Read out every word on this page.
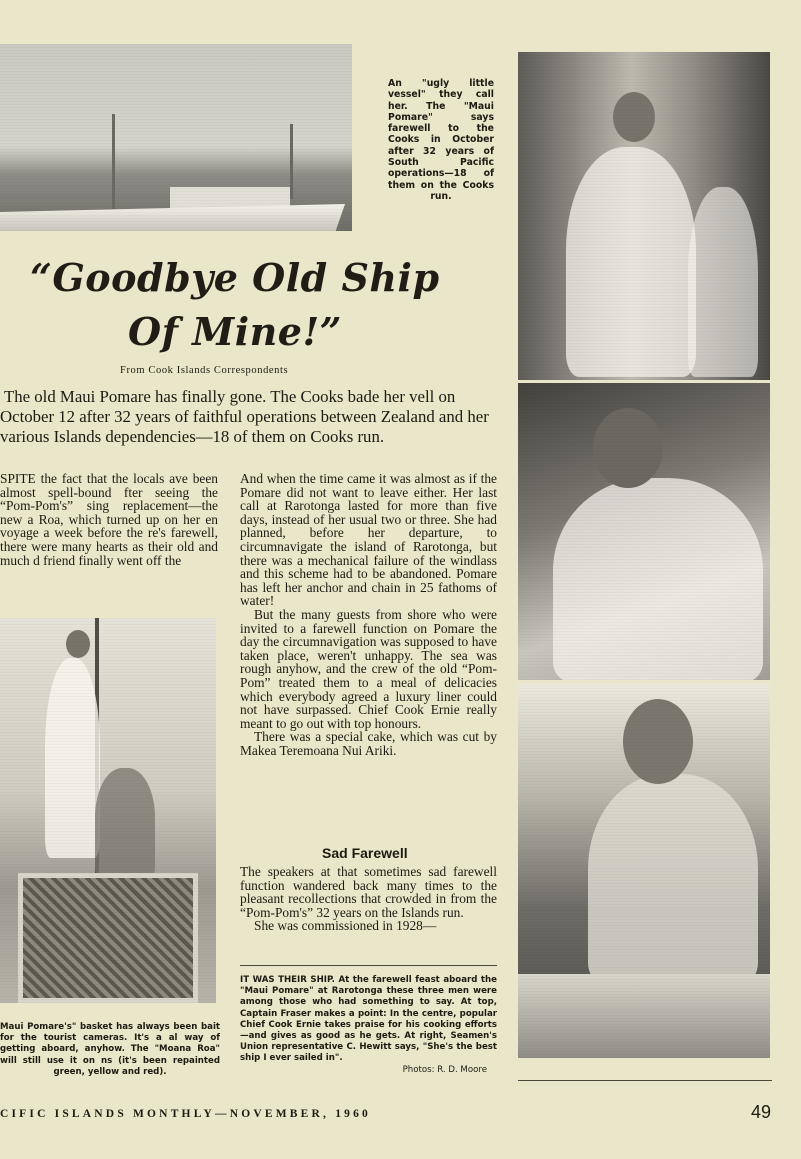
An "ugly little vessel" they call her. The "Maui Pomare" says farewell to the Cooks in October after 32 years of South Pacific operations—18 of them on the Cooks run.
“Goodbye Old Ship
Of Mine!”
From Cook Islands Correspondents
The old Maui Pomare has finally gone. The Cooks bade her vell on October 12 after 32 years of faithful operations between Zealand and her various Islands dependencies—18 of them on Cooks run.

SPITE the fact that the locals ave been almost spell-bound fter seeing the “Pom-Pom's” sing replacement—the new a Roa, which turned up on her en voyage a week before the re's farewell, there were many hearts as their old and much d friend finally went off the

And when the time came it was almost as if the Pomare did not want to leave either. Her last call at Rarotonga lasted for more than five days, instead of her usual two or three. She had planned, before her departure, to circumnavigate the island of Rarotonga, but there was a mechanical failure of the windlass and this scheme had to be abandoned. Pomare has left her anchor and chain in 25 fathoms of water!

But the many guests from shore who were invited to a farewell function on Pomare the day the circumnavigation was supposed to have taken place, weren't unhappy. The sea was rough anyhow, and the crew of the old “Pom-Pom” treated them to a meal of delicacies which everybody agreed a luxury liner could not have surpassed. Chief Cook Ernie really meant to go out with top honours.

There was a special cake, which was cut by Makea Teremoana Nui Ariki.

Sad Farewell

The speakers at that sometimes sad farewell function wandered back many times to the pleasant recollections that crowded in from the “Pom-Pom's” 32 years on the Islands run.

She was commissioned in 1928—

IT WAS THEIR SHIP. At the farewell feast aboard the "Maui Pomare" at Rarotonga these three men were among those who had something to say. At top, Captain Fraser makes a point: In the centre, popular Chief Cook Ernie takes praise for his cooking efforts—and gives as good as he gets. At right, Seamen's Union representative C. Hewitt says, "She's the best ship I ever sailed in".
Photos: R. D. Moore
Maui Pomare's" basket has always been bait for the tourist cameras. It's a al way of getting aboard, anyhow. The "Moana Roa" will still use it on ns (it's been repainted green, yellow and red).
CIFIC ISLANDS MONTHLY—NOVEMBER, 1960	49
